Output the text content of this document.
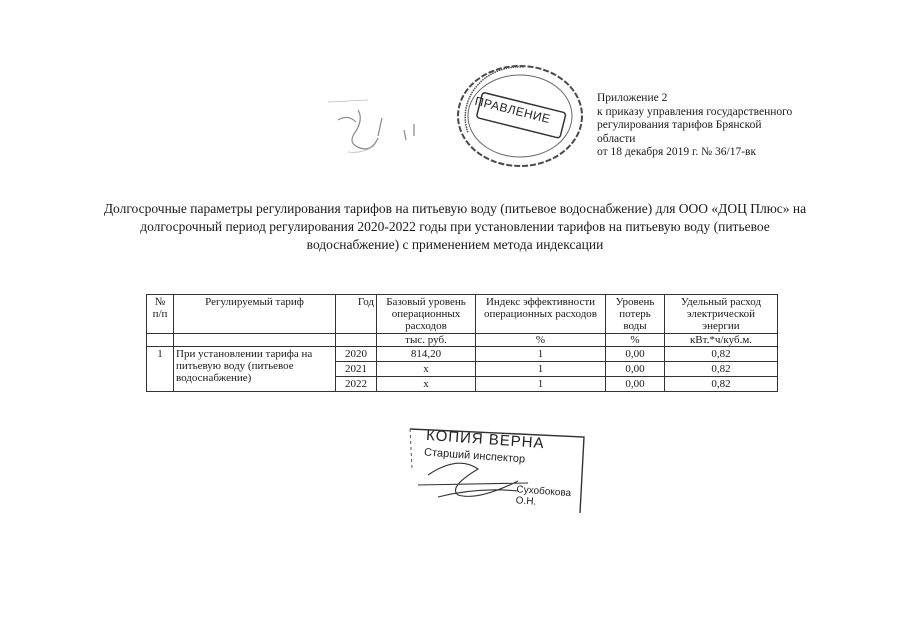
•••••••••••••••••••••••••••••••••••••••••••
ПРАВЛЕНИЕ	Приложение 2
к приказу управления государственного
регулирования тарифов Брянской
области
от 18 декабря 2019 г. № 36/17-вк
Долгосрочные параметры регулирования тарифов на питьевую воду (питьевое водоснабжение) для ООО «ДОЦ Плюс» на долгосрочный период регулирования 2020-2022 годы при установлении тарифов на питьевую воду (питьевое водоснабжение) с применением метода индексации
№ п/п	Регулируемый тариф	Год	Базовый уровень операционных расходов	Индекс эффективности операционных расходов	Уровень потерь воды	Удельный расход электрической энергии
			тыс. руб.	%	%	кВт.*ч/куб.м.
1	При установлении тарифа на питьевую воду (питьевое водоснабжение)	2020	814,20	1	0,00	0,82
		2021	х	1	0,00	0,82
		2022	х	1	0,00	0,82
КОПИЯ ВЕРНА
Старший инспектор
Сухобокова О.Н.
